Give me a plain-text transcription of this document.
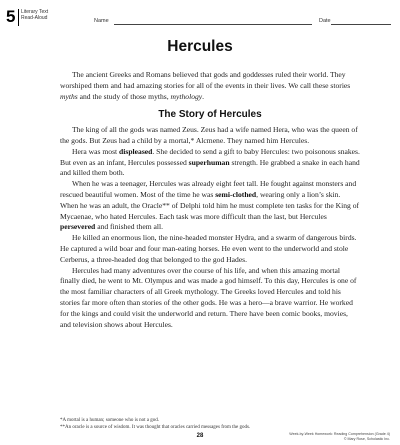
5 Literary Text
Read-Aloud	Name	Date
Hercules

The ancient Greeks and Romans believed that gods and goddesses ruled their world. They worshiped them and had amazing stories for all of the events in their lives. We call these stories myths and the study of those myths, mythology.

The Story of Hercules

The king of all the gods was named Zeus. Zeus had a wife named Hera, who was the queen of the gods. But Zeus had a child by a mortal,* Alcmene. They named him Hercules.

Hera was most displeased. She decided to send a gift to baby Hercules: two poisonous snakes. But even as an infant, Hercules possessed superhuman strength. He grabbed a snake in each hand and killed them both.

When he was a teenager, Hercules was already eight feet tall. He fought against monsters and rescued beautiful women. Most of the time he was semi-clothed, wearing only a lion’s skin. When he was an adult, the Oracle** of Delphi told him he must complete ten tasks for the King of Mycaenae, who hated Hercules. Each task was more difficult than the last, but Hercules persevered and finished them all.

He killed an enormous lion, the nine-headed monster Hydra, and a swarm of dangerous birds. He captured a wild boar and four man-eating horses. He even went to the underworld and stole Cerberus, a three-headed dog that belonged to the god Hades.

Hercules had many adventures over the course of his life, and when this amazing mortal finally died, he went to Mt. Olympus and was made a god himself. To this day, Hercules is one of the most familiar characters of all Greek mythology. The Greeks loved Hercules and told his stories far more often than stories of the other gods. He was a hero—a brave warrior. He worked for the kings and could visit the underworld and return. There have been comic books, movies, and television shows about Hercules.

*A mortal is a human; someone who is not a god.
**An oracle is a source of wisdom. It was thought that oracles carried messages from the gods.
28	Week-by-Week Homework: Reading Comprehension (Grade 4)
© Mary Rose, Scholastic Inc.
